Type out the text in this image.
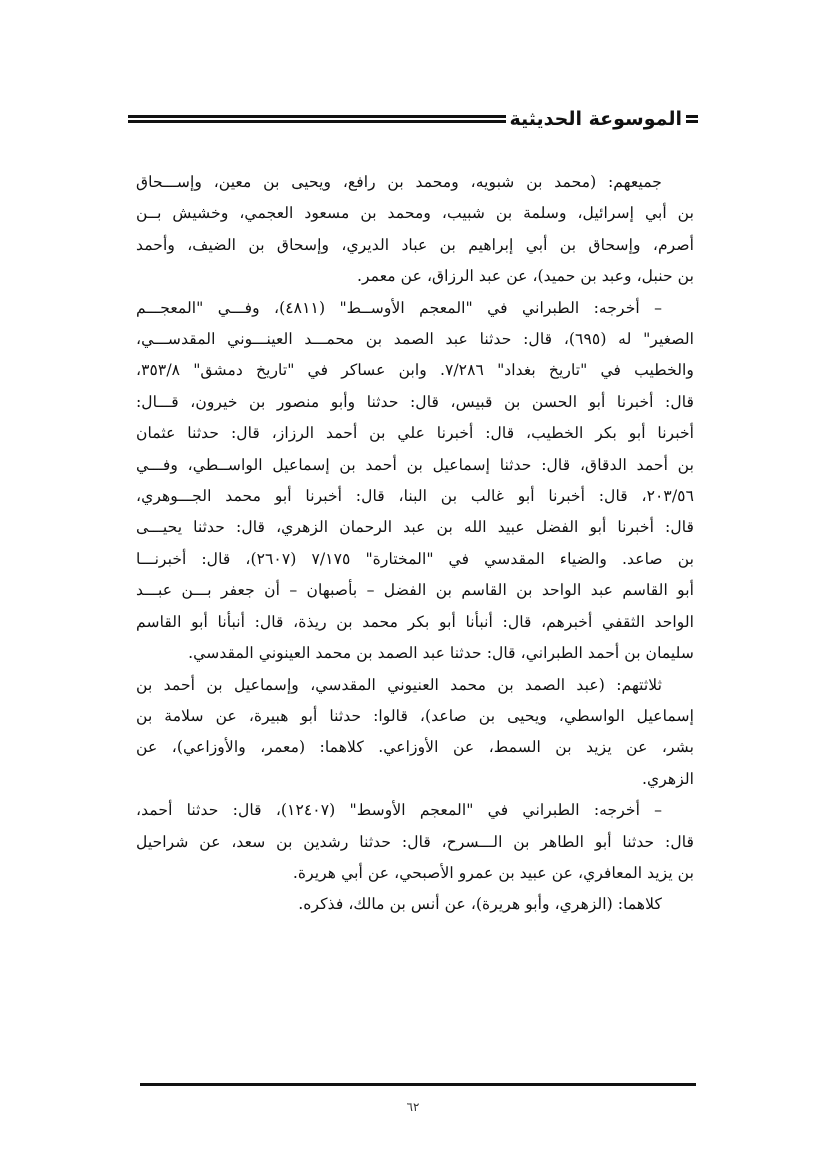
الموسوعة الحديثية

جميعهم: (محمد بن شبويه، ومحمد بن رافع، ويحيى بن معين، وإســـحاق
بن أبي إسرائيل، وسلمة بن شبيب، ومحمد بن مسعود العجمي، وخشيش بــن
أصرم، وإسحاق بن أبي إبراهيم بن عباد الديري، وإسحاق بن الضيف، وأحمد
بن حنبل، وعبد بن حميد)، عن عبد الرزاق، عن معمر.

– أخرجه: الطبراني في "المعجم الأوســط" (٤٨١١)، وفـــي "المعجـــم
الصغير" له (٦٩٥)، قال: حدثنا عبد الصمد بن محمـــد العينـــوني المقدســـي،
والخطيب في "تاريخ بغداد" ٧/٢٨٦. وابن عساكر في "تاريخ دمشق" ٣٥٣/٨،
قال: أخبرنا أبو الحسن بن قبيس، قال: حدثنا وأبو منصور بن خيرون، قـــال:
أخبرنا أبو بكر الخطيب، قال: أخبرنا علي بن أحمد الرزاز، قال: حدثنا عثمان
بن أحمد الدقاق، قال: حدثنا إسماعيل بن أحمد بن إسماعيل الواســطي، وفـــي
٢٠٣/٥٦، قال: أخبرنا أبو غالب بن البنا، قال: أخبرنا أبو محمد الجـــوهري،
قال: أخبرنا أبو الفضل عبيد الله بن عبد الرحمان الزهري، قال: حدثنا يحيـــى
بن صاعد. والضياء المقدسي في "المختارة" ٧/١٧٥ (٢٦٠٧)، قال: أخبرنـــا
أبو القاسم عبد الواحد بن القاسم بن الفضل – بأصبهان – أن جعفر بـــن عبـــد
الواحد الثقفي أخبرهم، قال: أنبأنا أبو بكر محمد بن ريذة، قال: أنبأنا أبو القاسم
سليمان بن أحمد الطبراني، قال: حدثنا عبد الصمد بن محمد العينوني المقدسي.

ثلاثتهم: (عبد الصمد بن محمد العنيوني المقدسي، وإسماعيل بن أحمد بن
إسماعيل الواسطي، ويحيى بن صاعد)، قالوا: حدثنا أبو هبيرة، عن سلامة بن
بشر، عن يزيد بن السمط، عن الأوزاعي. كلاهما: (معمر، والأوزاعي)، عن
الزهري.

– أخرجه: الطبراني في "المعجم الأوسط" (١٢٤٠٧)، قال: حدثنا أحمد،
قال: حدثنا أبو الطاهر بن الـــسرح، قال: حدثنا رشدين بن سعد، عن شراحيل
بن يزيد المعافري، عن عبيد بن عمرو الأصبحي، عن أبي هريرة.

كلاهما: (الزهري، وأبو هريرة)، عن أنس بن مالك، فذكره.

٦٢
